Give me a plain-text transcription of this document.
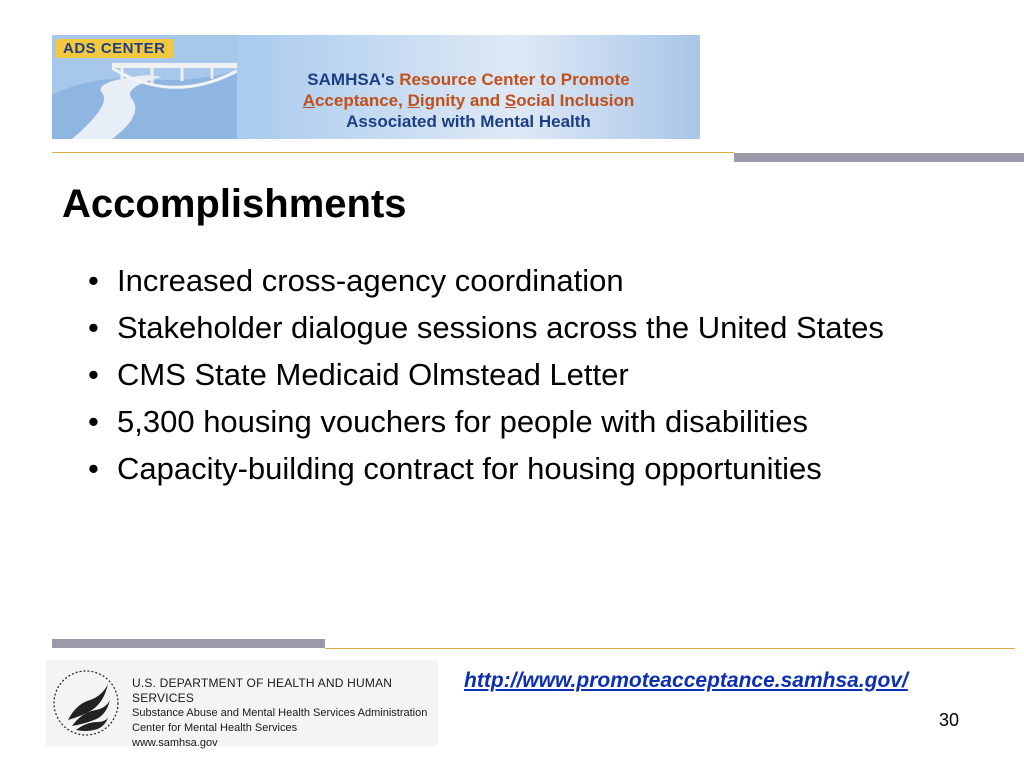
ADS CENTER
SAMHSA's Resource Center to Promote
Acceptance, Dignity and Social Inclusion
Associated with Mental Health
Accomplishments
• Increased cross-agency coordination
• Stakeholder dialogue sessions across the United States
• CMS State Medicaid Olmstead Letter
• 5,300 housing vouchers for people with disabilities
• Capacity-building contract for housing opportunities
U.S. DEPARTMENT OF HEALTH AND HUMAN SERVICES
Substance Abuse and Mental Health Services Administration
Center for Mental Health Services
www.samhsa.gov
http://www.promoteacceptance.samhsa.gov/
30
